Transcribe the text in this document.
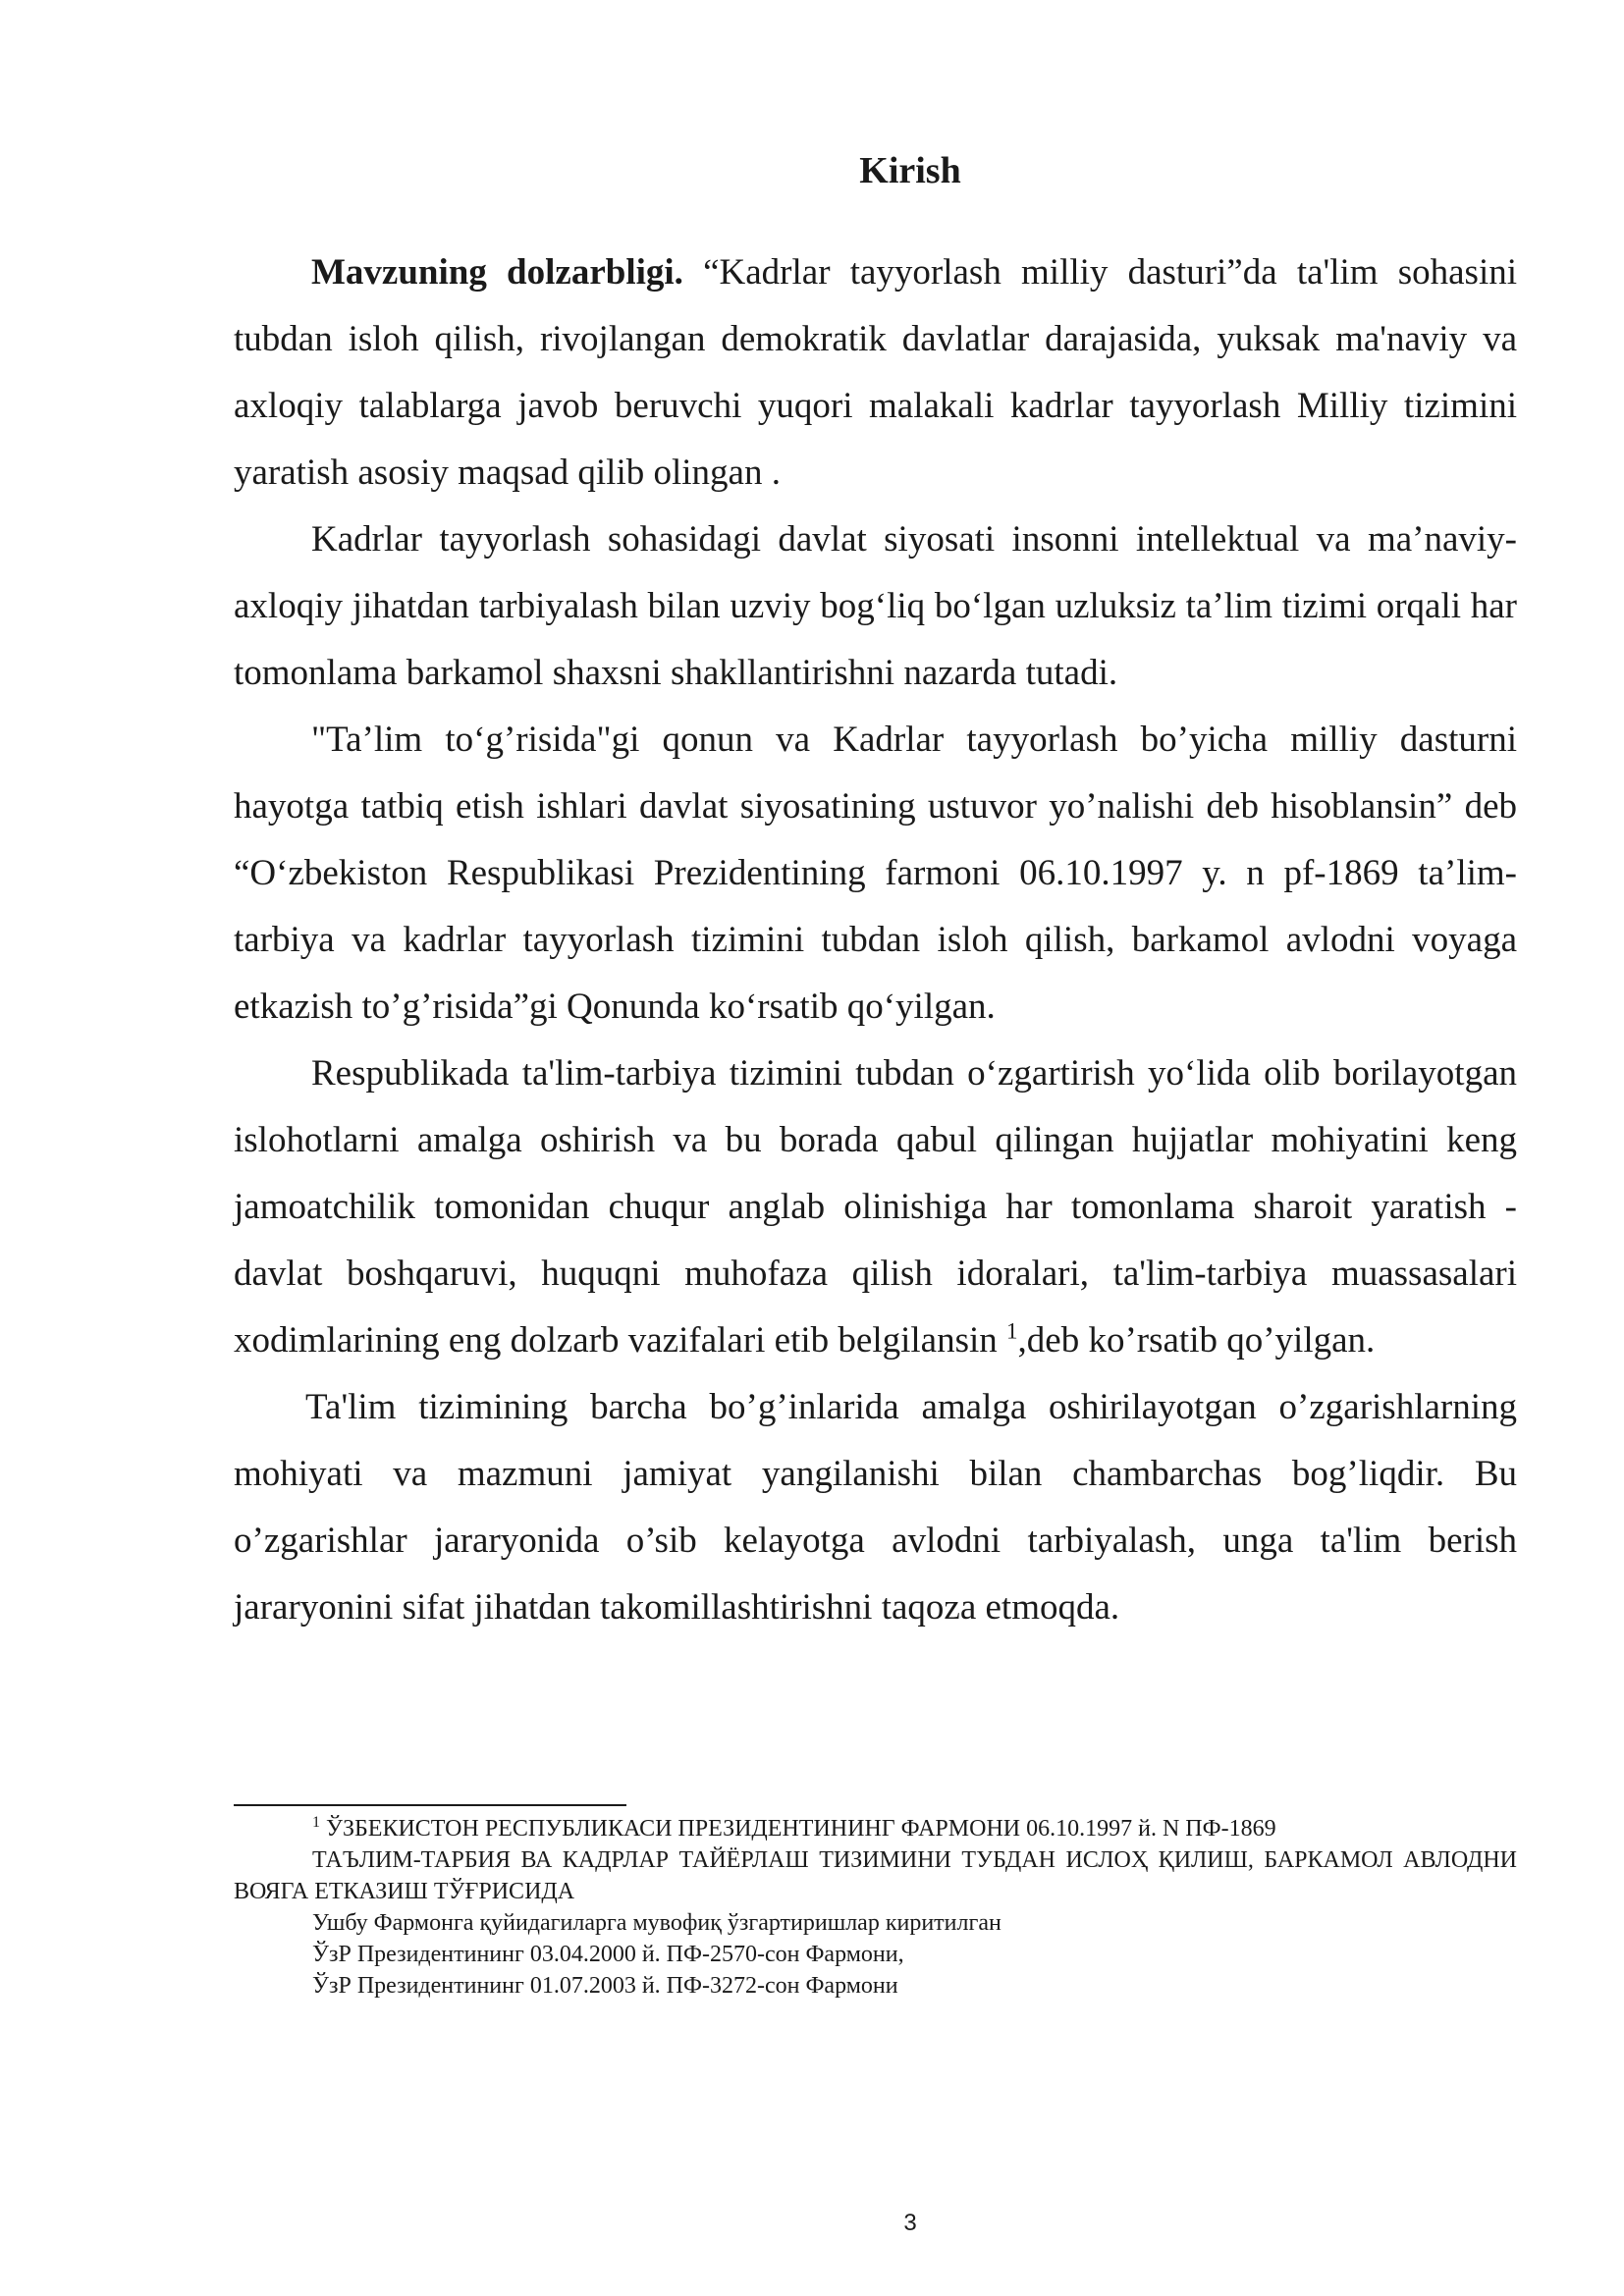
Kirish

Mavzuning dolzarbligi. “Kadrlar tayyorlash milliy dasturi”da ta'lim sohasini tubdan isloh qilish, rivojlangan demokratik davlatlar darajasida, yuksak ma'naviy va axloqiy talablarga javob beruvchi yuqori malakali kadrlar tayyorlash Milliy tizimini yaratish asosiy maqsad qilib olingan .

Kadrlar tayyorlash sohasidagi davlat siyosati insonni intellektual va ma’naviy-axloqiy jihatdan tarbiyalash bilan uzviy bog‘liq bo‘lgan uzluksiz ta’lim tizimi orqali har tomonlama barkamol shaxsni shakllantirishni nazarda tutadi.

"Ta’lim to‘g’risida"gi qonun va Kadrlar tayyorlash bo’yicha milliy dasturni hayotga tatbiq etish ishlari davlat siyosatining ustuvor yo’nalishi deb hisoblansin” deb “O‘zbekiston Respublikasi Prezidentining farmoni 06.10.1997 y. n pf-1869 ta’lim-tarbiya va kadrlar tayyorlash tizimini tubdan isloh qilish, barkamol avlodni voyaga etkazish to’g’risida”gi Qonunda ko‘rsatib qo‘yilgan.

Respublikada ta'lim-tarbiya tizimini tubdan o‘zgartirish yo‘lida olib borilayotgan islohotlarni amalga oshirish va bu borada qabul qilingan hujjatlar mohiyatini keng jamoatchilik tomonidan chuqur anglab olinishiga har tomonlama sharoit yaratish - davlat boshqaruvi, huquqni muhofaza qilish idoralari, ta'lim-tarbiya muassasalari xodimlarining eng dolzarb vazifalari etib belgilansin $^1$,deb ko’rsatib qo’yilgan.

Ta'lim tizimining barcha bo’g’inlarida amalga oshirilayotgan o’zgarishlarning mohiyati va mazmuni jamiyat yangilanishi bilan chambarchas bog’liqdir. Bu o’zgarishlar jararyonida o’sib kelayotga avlodni tarbiyalash, unga ta'lim berish jararyonini sifat jihatdan takomillashtirishni taqoza etmoqda.

$^1$ ЎЗБЕКИСТОН РЕСПУБЛИКАСИ ПРЕЗИДЕНТИНИНГ ФАРМОНИ 06.10.1997 й. N ПФ-1869
ТАЪЛИМ-ТАРБИЯ ВА КАДРЛАР ТАЙЁРЛАШ ТИЗИМИНИ ТУБДАН ИСЛОҲ ҚИЛИШ, БАРКАМОЛ АВЛОДНИ ВОЯГА ЕТКАЗИШ ТЎҒРИСИДА
Ушбу Фармонга қуйидагиларга мувофиқ ўзгартиришлар киритилган
ЎзР Президентининг 03.04.2000 й. ПФ-2570-сон Фармони,
ЎзР Президентининг 01.07.2003 й. ПФ-3272-сон Фармони
3
